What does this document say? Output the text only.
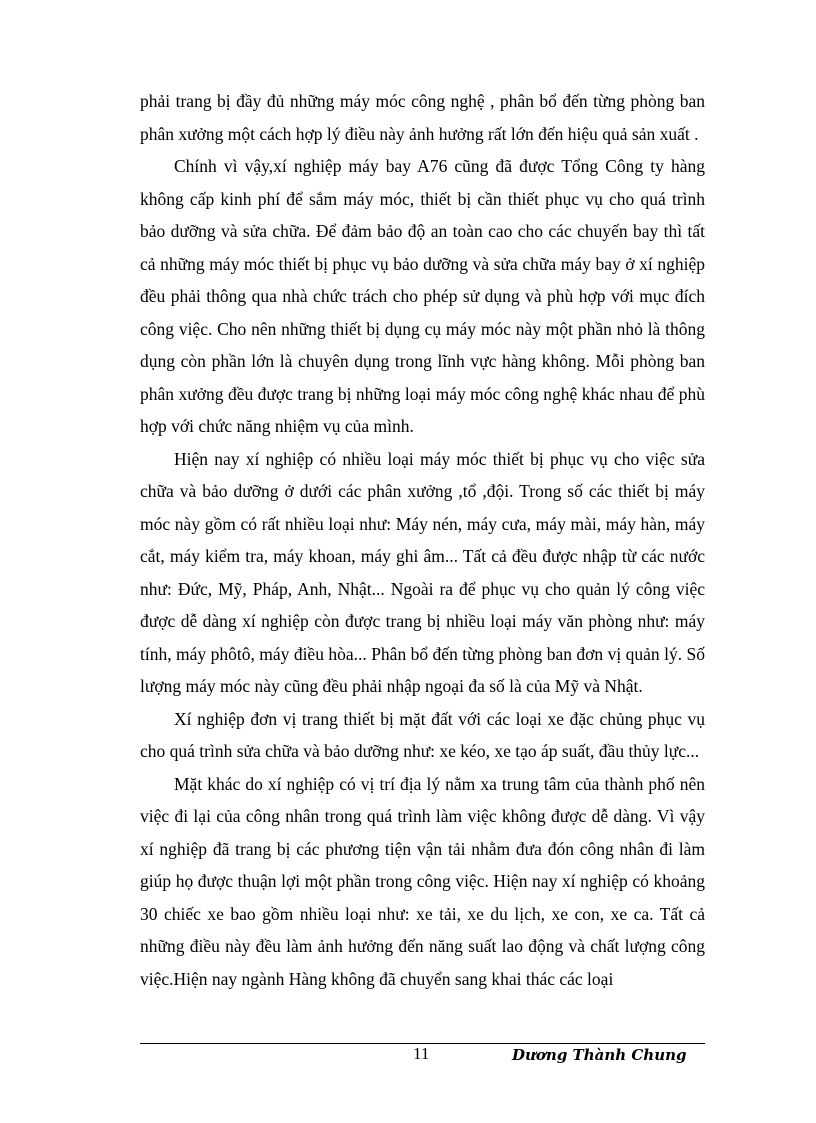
phải trang bị đầy đủ những máy móc công nghệ , phân bổ đến từng phòng ban phân xưởng một cách hợp lý điều này ảnh hưởng rất lớn đến hiệu quả sản xuất .

Chính vì vậy,xí nghiệp máy bay A76 cũng đã được Tổng Công ty hàng không cấp kinh phí để sắm máy móc, thiết bị cần thiết phục vụ cho quá trình bảo dưỡng và sửa chữa. Để đảm bảo độ an toàn cao cho các chuyến bay thì tất cả những máy móc thiết bị phục vụ bảo dưỡng và sửa chữa máy bay ở xí nghiệp đều phải thông qua nhà chức trách cho phép sử dụng và phù hợp với mục đích công việc. Cho nên những thiết bị dụng cụ máy móc này một phần nhỏ là thông dụng còn phần lớn là chuyên dụng trong lĩnh vực hàng không. Mỗi phòng ban phân xưởng đều được trang bị những loại máy móc công nghệ khác nhau để phù hợp với chức năng nhiệm vụ của mình.

Hiện nay xí nghiệp có nhiều loại máy móc thiết bị phục vụ cho việc sửa chữa và bảo dưỡng ở dưới các phân xưởng ,tổ ,đội. Trong số các thiết bị máy móc này gồm có rất nhiều loại như: Máy nén, máy cưa, máy mài, máy hàn, máy cắt, máy kiểm tra, máy khoan, máy ghi âm... Tất cả đều được nhập từ các nước như: Đức, Mỹ, Pháp, Anh, Nhật... Ngoài ra để phục vụ cho quản lý công việc được dễ dàng xí nghiệp còn được trang bị nhiều loại máy văn phòng như: máy tính, máy phôtô, máy điều hòa... Phân bổ đến từng phòng ban đơn vị quản lý. Số lượng máy móc này cũng đều phải nhập ngoại đa số là của Mỹ và Nhật.

Xí nghiệp đơn vị trang thiết bị mặt đất với các loại xe đặc chủng phục vụ cho quá trình sửa chữa và bảo dưỡng như: xe kéo, xe tạo áp suất, đầu thủy lực...

Mặt khác do xí nghiệp có vị trí địa lý nằm xa trung tâm của thành phố nên việc đi lại của công nhân trong quá trình làm việc không được dễ dàng. Vì vậy xí nghiệp đã trang bị các phương tiện vận tải nhằm đưa đón công nhân đi làm giúp họ được thuận lợi một phần trong công việc. Hiện nay xí nghiệp có khoảng 30 chiếc xe bao gồm nhiều loại như: xe tải, xe du lịch, xe con, xe ca. Tất cả những điều này đều làm ảnh hưởng đến năng suất lao động và chất lượng công việc.Hiện nay ngành Hàng không đã chuyển sang khai thác các loại

11	Dương Thành Chung
